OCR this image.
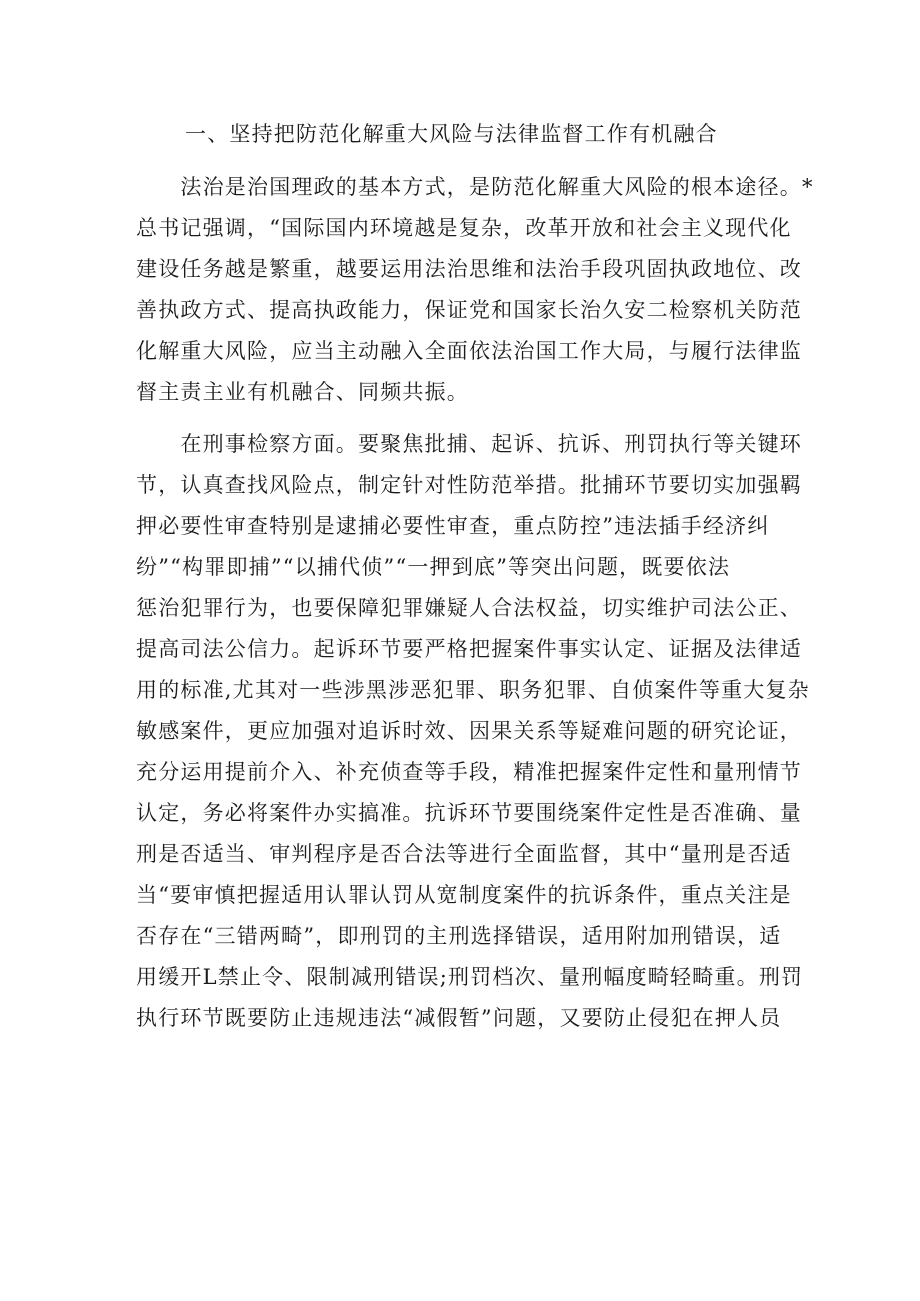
一、坚持把防范化解重大风险与法律监督工作有机融合
　　法治是治国理政的基本方式，是防范化解重大风险的根本途径。*
总书记强调，“国际国内环境越是复杂，改革开放和社会主义现代化
建设任务越是繁重，越要运用法治思维和法治手段巩固执政地位、改
善执政方式、提高执政能力，保证党和国家长治久安二检察机关防范
化解重大风险，应当主动融入全面依法治国工作大局，与履行法律监
督主责主业有机融合、同频共振。
　　在刑事检察方面。要聚焦批捕、起诉、抗诉、刑罚执行等关键环
节，认真查找风险点，制定针对性防范举措。批捕环节要切实加强羁
押必要性审查特别是逮捕必要性审查，重点防控”违法插手经济纠
纷”“构罪即捕”“以捕代侦”“一押到底”等突出问题，既要依法
惩治犯罪行为，也要保障犯罪嫌疑人合法权益，切实维护司法公正、
提高司法公信力。起诉环节要严格把握案件事实认定、证据及法律适
用的标准,尤其对一些涉黑涉恶犯罪、职务犯罪、自侦案件等重大复杂
敏感案件，更应加强对追诉时效、因果关系等疑难问题的研究论证，
充分运用提前介入、补充侦查等手段，精准把握案件定性和量刑情节
认定，务必将案件办实搞准。抗诉环节要围绕案件定性是否准确、量
刑是否适当、审判程序是否合法等进行全面监督，其中“量刑是否适
当“要审慎把握适用认罪认罚从宽制度案件的抗诉条件，重点关注是
否存在“三错两畸”，即刑罚的主刑选择错误，适用附加刑错误，适
用缓开L禁止令、限制减刑错误;刑罚档次、量刑幅度畸轻畸重。刑罚
执行环节既要防止违规违法“减假暂”问题，又要防止侵犯在押人员
